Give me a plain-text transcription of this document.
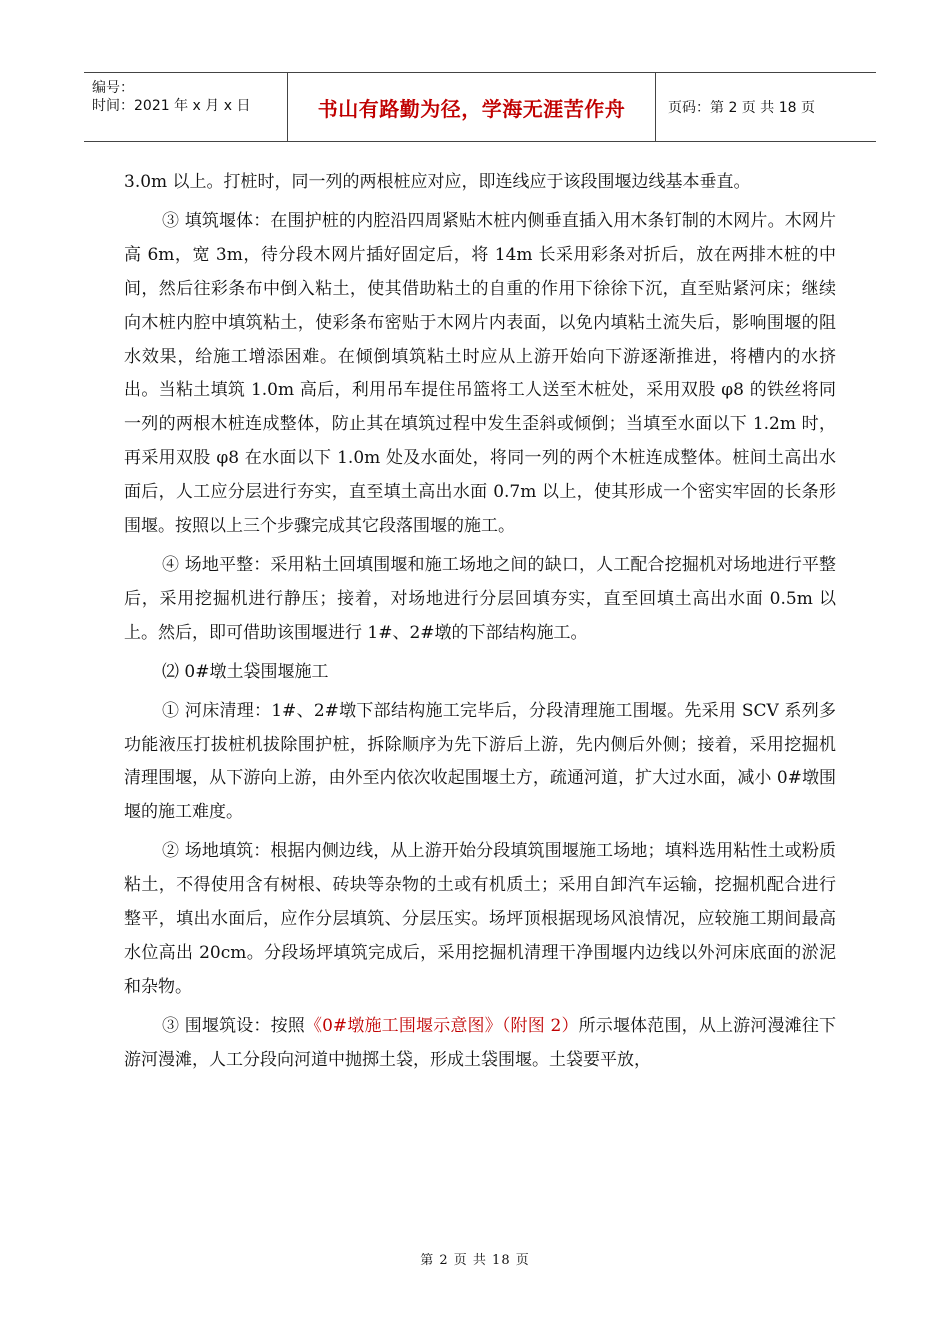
编号：
时间：2021 年 x 月 x 日	书山有路勤为径，学海无涯苦作舟	页码：第 2 页 共 18 页

3.0m 以上。打桩时，同一列的两根桩应对应，即连线应于该段围堰边线基本垂直。

③ 填筑堰体：在围护桩的内腔沿四周紧贴木桩内侧垂直插入用木条钉制的木网片。木网片高 6m，宽 3m，待分段木网片插好固定后，将 14m 长采用彩条对折后，放在两排木桩的中间，然后往彩条布中倒入粘土，使其借助粘土的自重的作用下徐徐下沉，直至贴紧河床；继续向木桩内腔中填筑粘土，使彩条布密贴于木网片内表面，以免内填粘土流失后，影响围堰的阻水效果，给施工增添困难。在倾倒填筑粘土时应从上游开始向下游逐渐推进，将槽内的水挤出。当粘土填筑 1.0m 高后，利用吊车提住吊篮将工人送至木桩处，采用双股 φ8 的铁丝将同一列的两根木桩连成整体，防止其在填筑过程中发生歪斜或倾倒；当填至水面以下 1.2m 时，再采用双股 φ8 在水面以下 1.0m 处及水面处，将同一列的两个木桩连成整体。桩间土高出水面后，人工应分层进行夯实，直至填土高出水面 0.7m 以上，使其形成一个密实牢固的长条形围堰。按照以上三个步骤完成其它段落围堰的施工。

④ 场地平整：采用粘土回填围堰和施工场地之间的缺口，人工配合挖掘机对场地进行平整后，采用挖掘机进行静压；接着，对场地进行分层回填夯实，直至回填土高出水面 0.5m 以上。然后，即可借助该围堰进行 1#、2#墩的下部结构施工。

⑵ 0#墩土袋围堰施工

① 河床清理：1#、2#墩下部结构施工完毕后，分段清理施工围堰。先采用 SCV 系列多功能液压打拔桩机拔除围护桩，拆除顺序为先下游后上游，先内侧后外侧；接着，采用挖掘机清理围堰，从下游向上游，由外至内依次收起围堰土方，疏通河道，扩大过水面，减小 0#墩围堰的施工难度。

② 场地填筑：根据内侧边线，从上游开始分段填筑围堰施工场地；填料选用粘性土或粉质粘土，不得使用含有树根、砖块等杂物的土或有机质土；采用自卸汽车运输，挖掘机配合进行整平，填出水面后，应作分层填筑、分层压实。场坪顶根据现场风浪情况，应较施工期间最高水位高出 20cm。分段场坪填筑完成后，采用挖掘机清理干净围堰内边线以外河床底面的淤泥和杂物。

③ 围堰筑设：按照《0#墩施工围堰示意图》（附图 2）所示堰体范围，从上游河漫滩往下游河漫滩，人工分段向河道中抛掷土袋，形成土袋围堰。土袋要平放，

第 2 页 共 18 页
